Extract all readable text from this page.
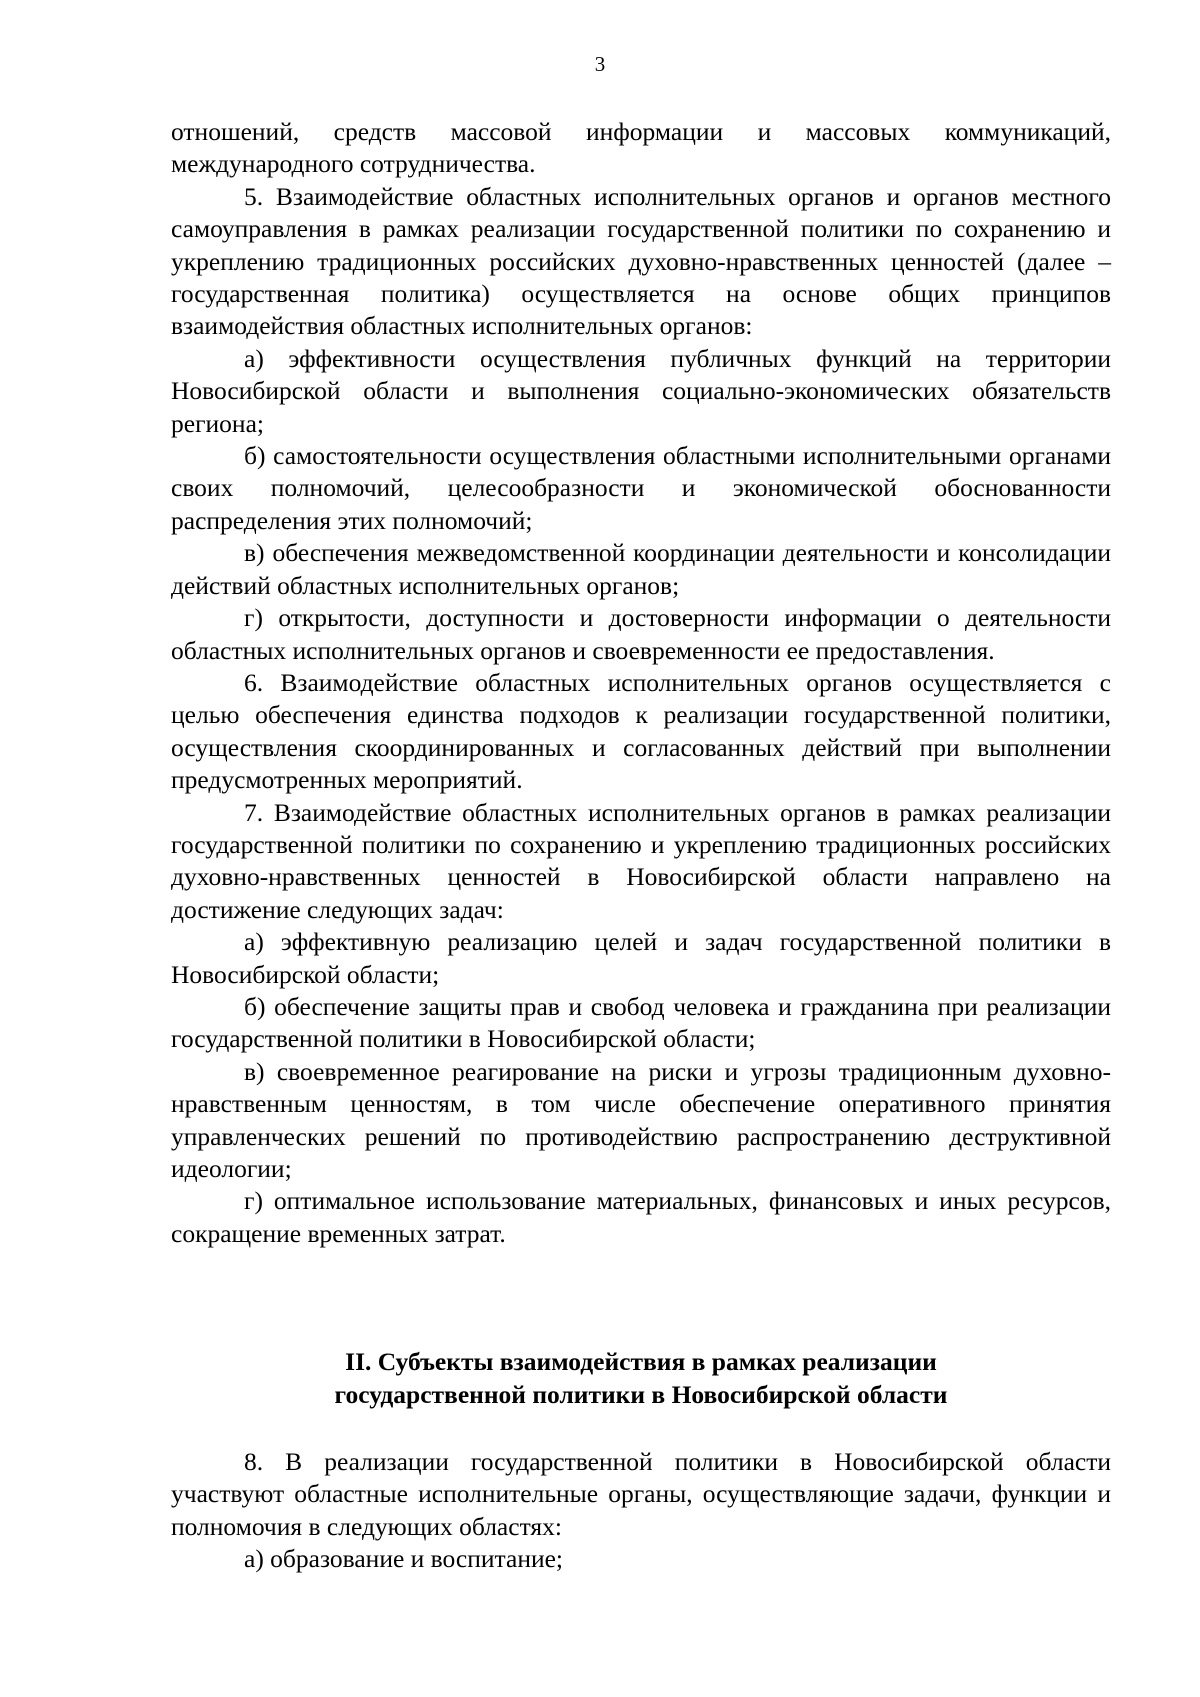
3

отношений, средств массовой информации и массовых коммуникаций, международного сотрудничества.

5. Взаимодействие областных исполнительных органов и органов местного самоуправления в рамках реализации государственной политики по сохранению и укреплению традиционных российских духовно-нравственных ценностей (далее – государственная политика) осуществляется на основе общих принципов взаимодействия областных исполнительных органов:

а) эффективности осуществления публичных функций на территории Новосибирской области и выполнения социально-экономических обязательств региона;

б) самостоятельности осуществления областными исполнительными органами своих полномочий, целесообразности и экономической обоснованности распределения этих полномочий;

в) обеспечения межведомственной координации деятельности и консолидации действий областных исполнительных органов;

г) открытости, доступности и достоверности информации о деятельности областных исполнительных органов и своевременности ее предоставления.

6. Взаимодействие областных исполнительных органов осуществляется с целью обеспечения единства подходов к реализации государственной политики, осуществления скоординированных и согласованных действий при выполнении предусмотренных мероприятий.

7. Взаимодействие областных исполнительных органов в рамках реализации государственной политики по сохранению и укреплению традиционных российских духовно-нравственных ценностей в Новосибирской области направлено на достижение следующих задач:

а) эффективную реализацию целей и задач государственной политики в Новосибирской области;

б) обеспечение защиты прав и свобод человека и гражданина при реализации государственной политики в Новосибирской области;

в) своевременное реагирование на риски и угрозы традиционным духовно-нравственным ценностям, в том числе обеспечение оперативного принятия управленческих решений по противодействию распространению деструктивной идеологии;

г) оптимальное использование материальных, финансовых и иных ресурсов, сокращение временных затрат.

II. Субъекты взаимодействия в рамках реализации
государственной политики в Новосибирской области

8. В реализации государственной политики в Новосибирской области участвуют областные исполнительные органы, осуществляющие задачи, функции и полномочия в следующих областях:

а) образование и воспитание;
